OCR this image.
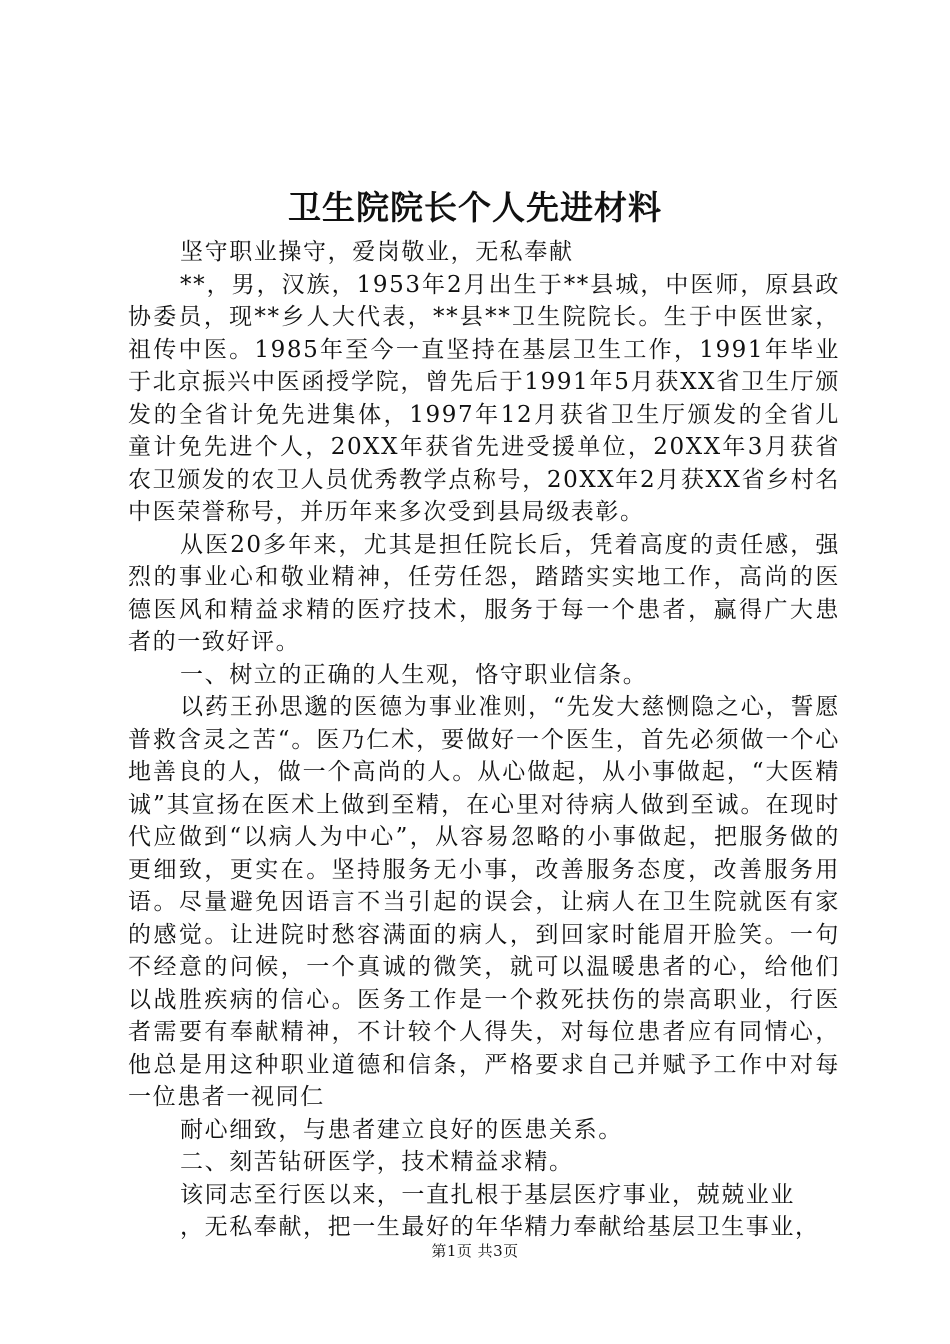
卫生院院长个人先进材料

坚守职业操守，爱岗敬业，无私奉献

**，男，汉族，1953年2月出生于**县城，中医师，原县政协委员，现**乡人大代表，**县**卫生院院长。生于中医世家，祖传中医。1985年至今一直坚持在基层卫生工作，1991年毕业于北京振兴中医函授学院，曾先后于1991年5月获XX省卫生厅颁发的全省计免先进集体，1997年12月获省卫生厅颁发的全省儿童计免先进个人，20XX年获省先进受援单位，20XX年3月获省农卫颁发的农卫人员优秀教学点称号，20XX年2月获XX省乡村名中医荣誉称号，并历年来多次受到县局级表彰。

从医20多年来，尤其是担任院长后，凭着高度的责任感，强烈的事业心和敬业精神，任劳任怨，踏踏实实地工作，高尚的医德医风和精益求精的医疗技术，服务于每一个患者，赢得广大患者的一致好评。

一、树立的正确的人生观，恪守职业信条。

以药王孙思邈的医德为事业准则，“先发大慈恻隐之心，誓愿普救含灵之苦“。医乃仁术，要做好一个医生，首先必须做一个心地善良的人，做一个高尚的人。从心做起，从小事做起，“大医精诚”其宣扬在医术上做到至精，在心里对待病人做到至诚。在现时代应做到“以病人为中心”，从容易忽略的小事做起，把服务做的更细致，更实在。坚持服务无小事，改善服务态度，改善服务用语。尽量避免因语言不当引起的误会，让病人在卫生院就医有家的感觉。让进院时愁容满面的病人，到回家时能眉开脸笑。一句不经意的问候，一个真诚的微笑，就可以温暖患者的心，给他们以战胜疾病的信心。医务工作是一个救死扶伤的崇高职业，行医者需要有奉献精神，不计较个人得失，对每位患者应有同情心，他总是用这种职业道德和信条，严格要求自己并赋予工作中对每一位患者一视同仁

耐心细致，与患者建立良好的医患关系。

二、刻苦钻研医学，技术精益求精。

该同志至行医以来，一直扎根于基层医疗事业，兢兢业业

，无私奉献，把一生最好的年华精力奉献给基层卫生事业，

第1页 共3页
